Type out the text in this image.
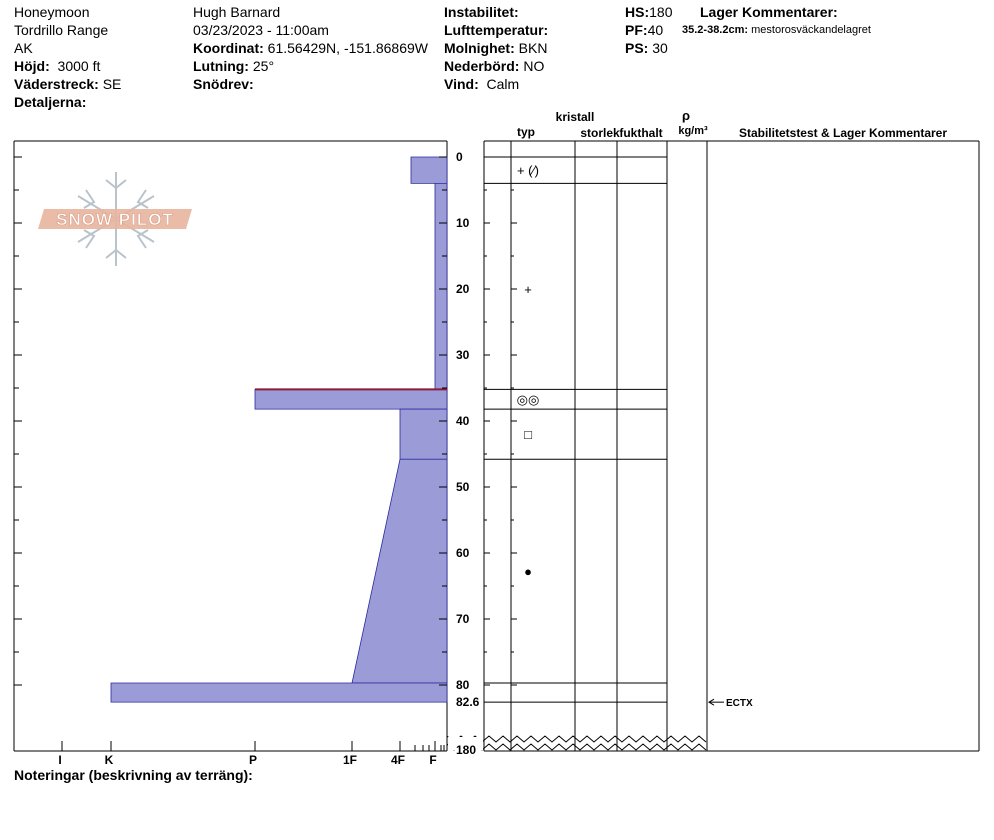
Honeymoon
Tordrillo Range
AK
Höjd: 3000 ft
Väderstreck: SE
Detaljerna:
Hugh Barnard
03/23/2023 - 11:00am
Koordinat: 61.56429N, -151.86869W
Lutning: 25°
Snödrev:
Instabilitet:
Lufttemperatur:
Molnighet: BKN
Nederbörd: NO
Vind: Calm
HS:180
PF:40
PS: 30
Lager Kommentarer:
35.2-38.2cm: mestorosväckandelagret
SNOW PILOT
0
10
20
30
40
50
60
70
80
82.6
I	K	P	1F	4F F
+ (⁄)
+
◎◎
□
●
ECTX
180
kristall
typ	storlek fukthalt
ρ
kg/m³	Stabilitetstest & Lager Kommentarer
Noteringar (beskrivning av terräng):
